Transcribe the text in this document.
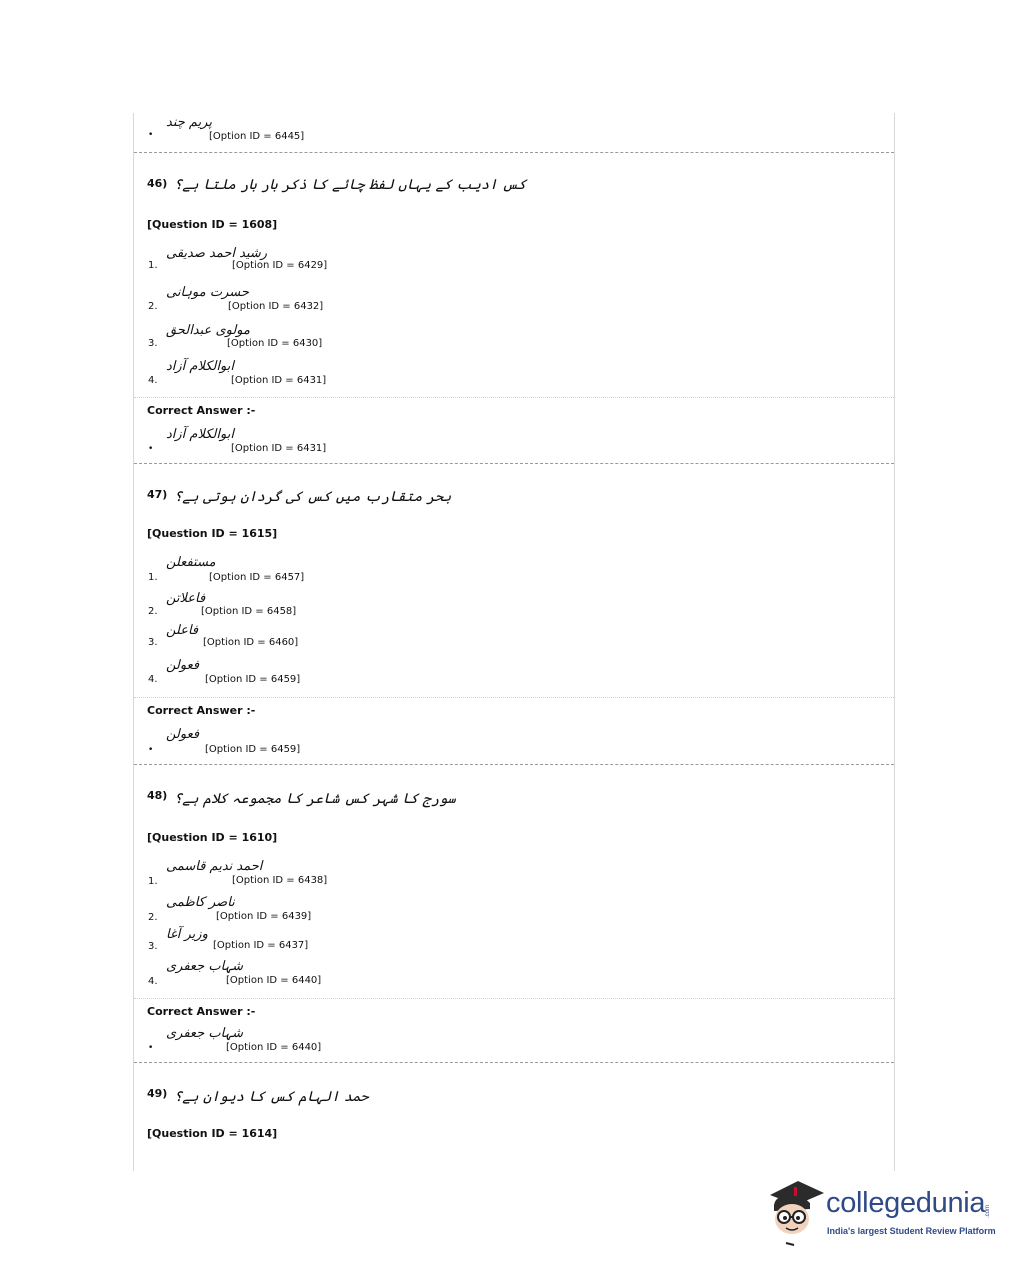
•
پریم چند
[Option ID = 6445]
46) کس ادیب کے یہاں لفظ چائے کا ذکر بار بار ملتا ہے؟
[Question ID = 1608]
1.
رشید احمد صدیقی
[Option ID = 6429]
2.
حسرت موہانی
[Option ID = 6432]
3.
مولوی عبدالحق
[Option ID = 6430]
4.
ابوالکلام آزاد
[Option ID = 6431]
Correct Answer :-
•
ابوالکلام آزاد
[Option ID = 6431]
47) بحر متقارب میں کس کی گردان ہوتی ہے؟
[Question ID = 1615]
1.
مستفعلن
[Option ID = 6457]
2.
فاعلاتن
[Option ID = 6458]
3.
فاعلن
[Option ID = 6460]
4.
فعولن
[Option ID = 6459]
Correct Answer :-
•
فعولن
[Option ID = 6459]
48) سورج کا شہر کس شاعر کا مجموعہ کلام ہے؟
[Question ID = 1610]
1.
احمد ندیم قاسمی
[Option ID = 6438]
2.
ناصر کاظمی
[Option ID = 6439]
3.
وزیر آغا
[Option ID = 6437]
4.
شہاب جعفری
[Option ID = 6440]
Correct Answer :-
•
شہاب جعفری
[Option ID = 6440]
49) حمد الہام کس کا دیوان ہے؟
[Question ID = 1614]
collegedunia .com
India's largest Student Review Platform
